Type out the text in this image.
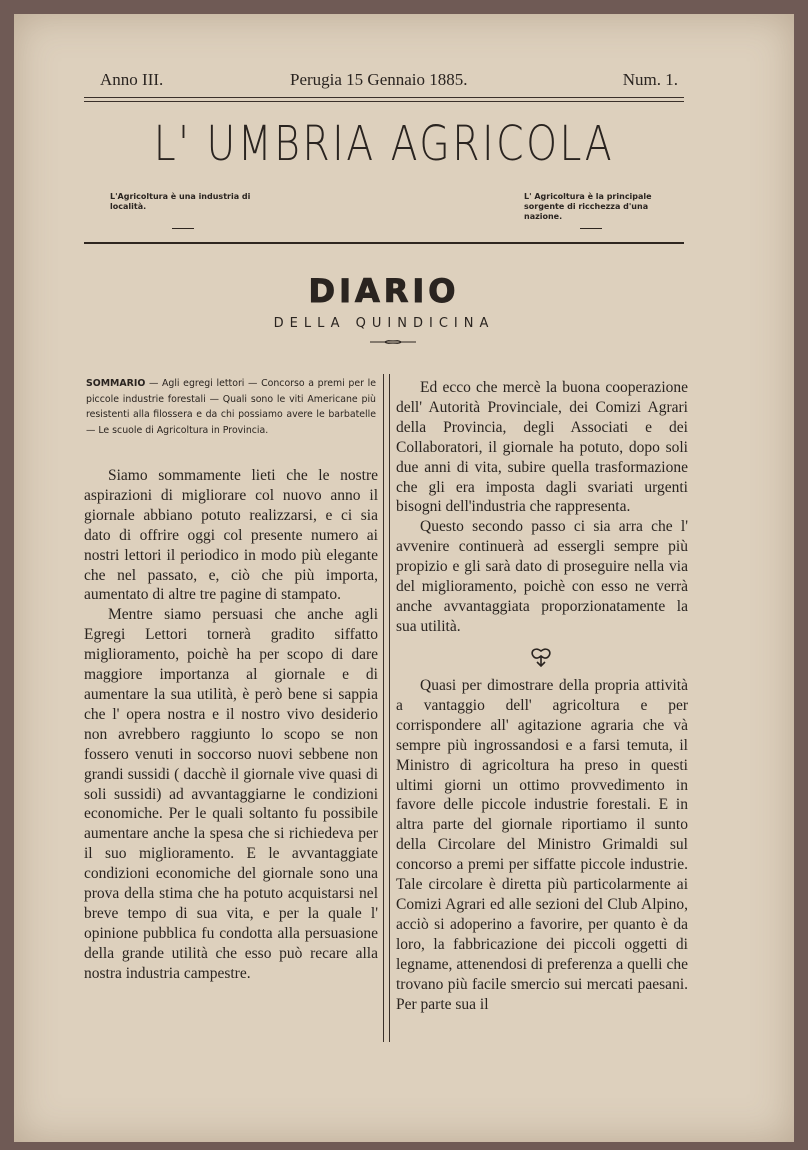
Anno III.	Perugia 15 Gennaio 1885.	Num. 1.
L' UMBRIA AGRICOLA
L'Agricoltura è una industria di località.
L' Agricoltura è la principale sorgente di ricchezza d'una nazione.
DIARIO
DELLA QUINDICINA
SOMMARIO — Agli egregi lettori — Concorso a premi per le piccole industrie forestali — Quali sono le viti Americane più resistenti alla filossera e da chi possiamo avere le barbatelle — Le scuole di Agricoltura in Provincia.

Siamo sommamente lieti che le nostre aspirazioni di migliorare col nuovo anno il giornale abbiano potuto realizzarsi, e ci sia dato di offrire oggi col presente numero ai nostri lettori il periodico in modo più elegante che nel passato, e, ciò che più importa, aumentato di altre tre pagine di stampato.

Mentre siamo persuasi che anche agli Egregi Lettori tornerà gradito siffatto miglioramento, poichè ha per scopo di dare maggiore importanza al giornale e di aumentare la sua utilità, è però bene si sappia che l' opera nostra e il nostro vivo desiderio non avrebbero raggiunto lo scopo se non fossero venuti in soccorso nuovi sebbene non grandi sussidi ( dacchè il giornale vive quasi di soli sussidi) ad avvantaggiarne le condizioni economiche. Per le quali soltanto fu possibile aumentare anche la spesa che si richiedeva per il suo miglioramento. E le avvantaggiate condizioni economiche del giornale sono una prova della stima che ha potuto acquistarsi nel breve tempo di sua vita, e per la quale l' opinione pubblica fu condotta alla persuasione della grande utilità che esso può recare alla nostra industria campestre.

Ed ecco che mercè la buona cooperazione dell' Autorità Provinciale, dei Comizi Agrari della Provincia, degli Associati e dei Collaboratori, il giornale ha potuto, dopo soli due anni di vita, subire quella trasformazione che gli era imposta dagli svariati urgenti bisogni dell'industria che rappresenta.

Questo secondo passo ci sia arra che l' avvenire continuerà ad essergli sempre più propizio e gli sarà dato di proseguire nella via del miglioramento, poichè con esso ne verrà anche avvantaggiata proporzionatamente la sua utilità.

Quasi per dimostrare della propria attività a vantaggio dell' agricoltura e per corrispondere all' agitazione agraria che và sempre più ingrossandosi e a farsi temuta, il Ministro di agricoltura ha preso in questi ultimi giorni un ottimo provvedimento in favore delle piccole industrie forestali. E in altra parte del giornale riportiamo il sunto della Circolare del Ministro Grimaldi sul concorso a premi per siffatte piccole industrie. Tale circolare è diretta più particolarmente ai Comizi Agrari ed alle sezioni del Club Alpino, acciò si adoperino a favorire, per quanto è da loro, la fabbricazione dei piccoli oggetti di legname, attenendosi di preferenza a quelli che trovano più facile smercio sui mercati paesani. Per parte sua il
